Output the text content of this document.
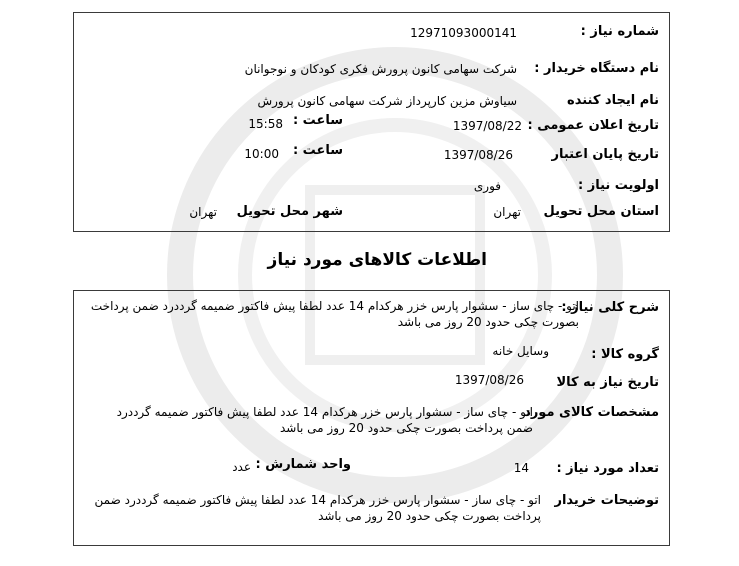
شماره نیاز :
12971093000141
نام دستگاه خریدار :
شرکت سهامی کانون پرورش فکری کودکان و نوجوانان
نام ایجاد کننده
سیاوش مزین کارپرداز شرکت سهامی کانون پرورش
تاریخ اعلان عمومی :
1397/08/22
ساعت :
15:58
تاریخ پایان اعتبار
1397/08/26
ساعت :
10:00
اولویت نیاز :
فوری
استان محل تحویل
تهران
شهر محل تحویل
تهران
اطلاعات کالاهای مورد نیاز
شرح کلی نیاز :
اتو - چای ساز - سشوار پارس خزر هرکدام 14 عدد لطفا پیش فاکتور ضمیمه گرددرد ضمن پرداخت بصورت چکی حدود 20 روز می باشد
گروه کالا :
وسایل خانه
تاریخ نیاز به کالا
1397/08/26
مشخصات کالای مورد
اتو - چای ساز - سشوار پارس خزر هرکدام 14 عدد لطفا پیش فاکتور ضمیمه گرددرد ضمن پرداخت بصورت چکی حدود 20 روز می باشد
تعداد مورد نیاز :
14
واحد شمارش :
عدد
توضیحات خریدار
اتو - چای ساز - سشوار پارس خزر هرکدام 14 عدد لطفا پیش فاکتور ضمیمه گرددرد ضمن پرداخت بصورت چکی حدود 20 روز می باشد
